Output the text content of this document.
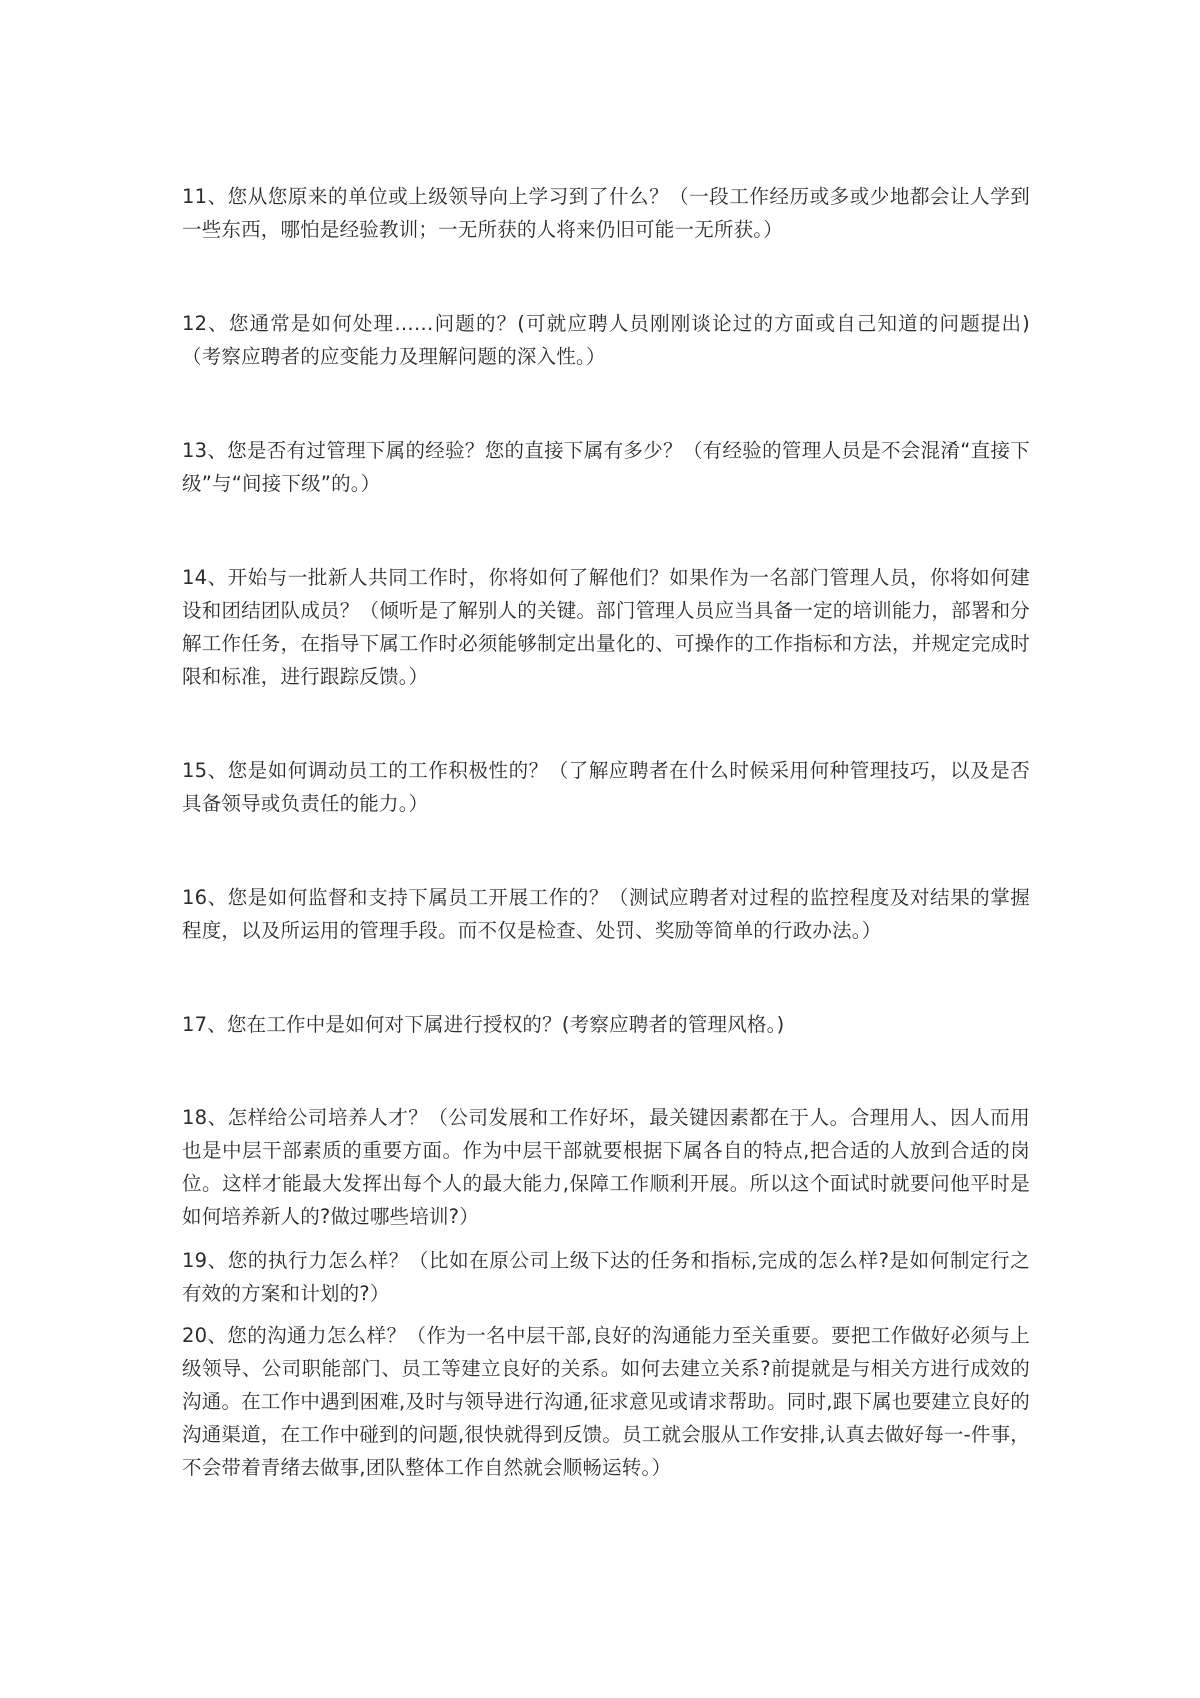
11、您从您原来的单位或上级领导向上学习到了什么？（一段工作经历或多或少地都会让人学到一些东西，哪怕是经验教训；一无所获的人将来仍旧可能一无所获。）

12、您通常是如何处理……问题的？(可就应聘人员刚刚谈论过的方面或自己知道的问题提出)（考察应聘者的应变能力及理解问题的深入性。）

13、您是否有过管理下属的经验？您的直接下属有多少？（有经验的管理人员是不会混淆“直接下级”与“间接下级”的。）

14、开始与一批新人共同工作时，你将如何了解他们？如果作为一名部门管理人员，你将如何建设和团结团队成员？（倾听是了解别人的关键。部门管理人员应当具备一定的培训能力，部署和分解工作任务，在指导下属工作时必须能够制定出量化的、可操作的工作指标和方法，并规定完成时限和标准，进行跟踪反馈。）

15、您是如何调动员工的工作积极性的？（了解应聘者在什么时候采用何种管理技巧，以及是否具备领导或负责任的能力。）

16、您是如何监督和支持下属员工开展工作的？（测试应聘者对过程的监控程度及对结果的掌握程度，以及所运用的管理手段。而不仅是检查、处罚、奖励等简单的行政办法。）

17、您在工作中是如何对下属进行授权的？(考察应聘者的管理风格。)

18、怎样给公司培养人才？（公司发展和工作好坏，最关键因素都在于人。合理用人、因人而用也是中层干部素质的重要方面。作为中层干部就要根据下属各自的特点,把合适的人放到合适的岗位。这样才能最大发挥出每个人的最大能力,保障工作顺利开展。所以这个面试时就要问他平时是如何培养新人的?做过哪些培训?）

19、您的执行力怎么样？（比如在原公司上级下达的任务和指标,完成的怎么样?是如何制定行之有效的方案和计划的?）

20、您的沟通力怎么样？（作为一名中层干部,良好的沟通能力至关重要。要把工作做好必须与上级领导、公司职能部门、员工等建立良好的关系。如何去建立关系?前提就是与相关方进行成效的沟通。在工作中遇到困难,及时与领导进行沟通,征求意见或请求帮助。同时,跟下属也要建立良好的沟通渠道，在工作中碰到的问题,很快就得到反馈。员工就会服从工作安排,认真去做好每一-件事，不会带着青绪去做事,团队整体工作自然就会顺畅运转。）
